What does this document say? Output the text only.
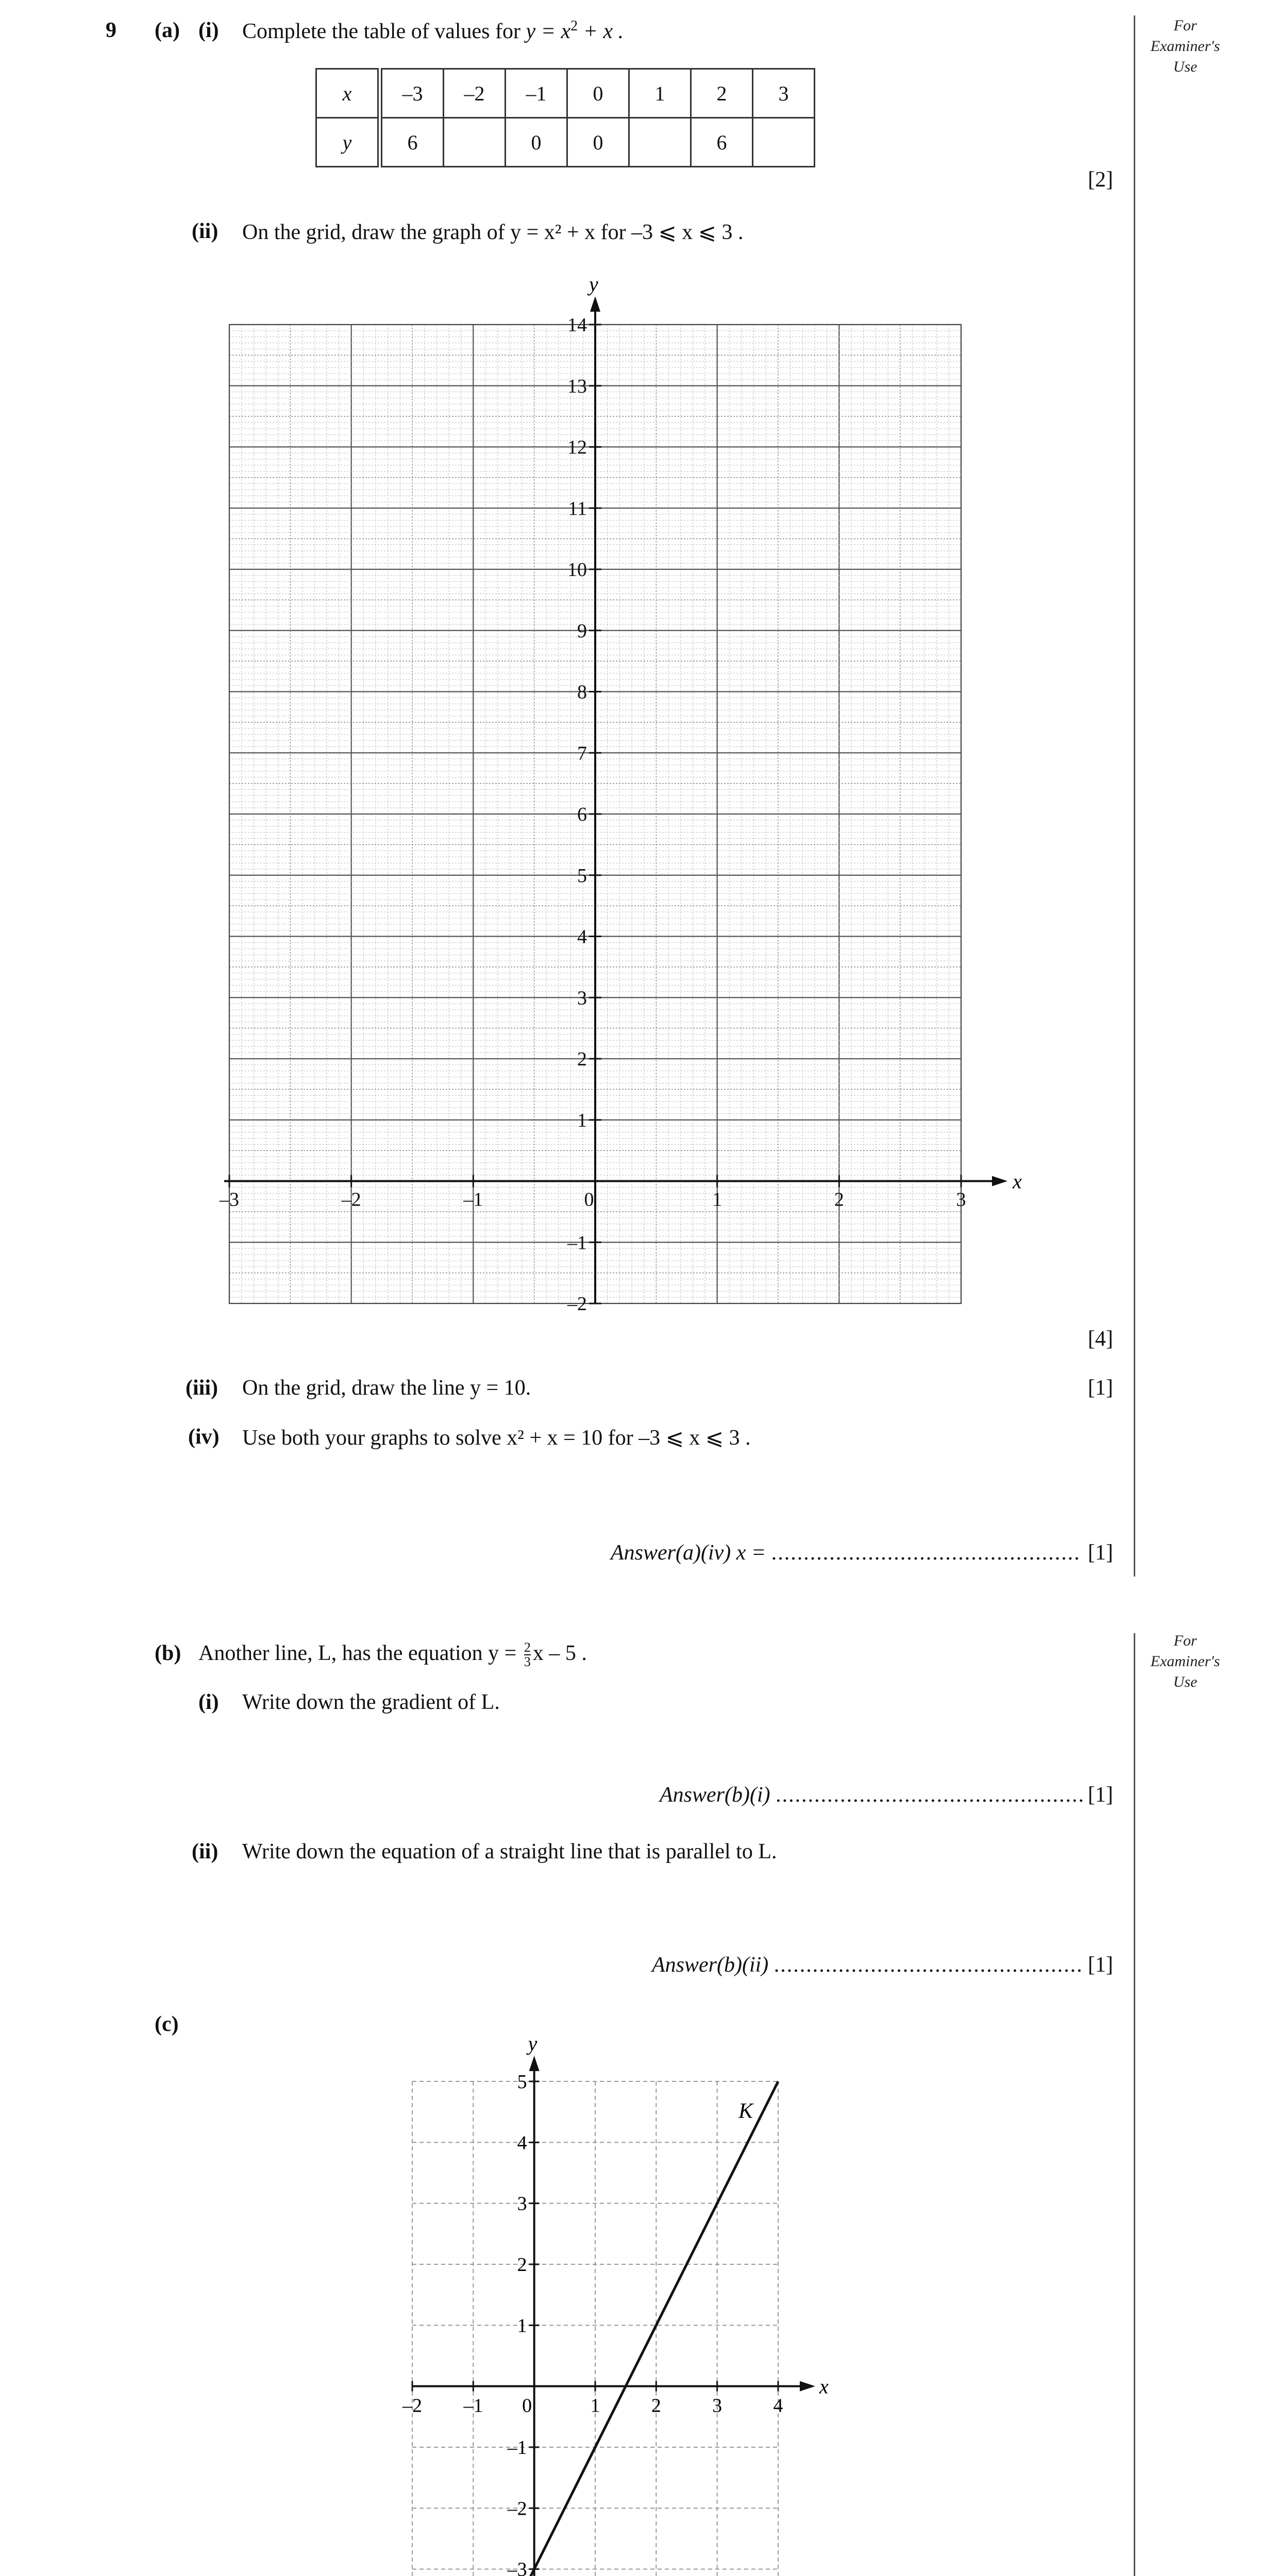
For
Examiner's
Use
For
Examiner's
Use
9 (a) (i) Complete the table of values for $y = x^2 + x$ .
x	–3	–2	–1	0	1	2	3
y	6		0	0		6	
[2]
(ii) On the grid, draw the graph of y = x² + x for –3 ⩽ x ⩽ 3 .
x
y
–3	–2	–1	0	1	2	3
–2
–1
1
2
3
4
5
6
7
8
9
10
11
12
13
14
[4]
(iii) On the grid, draw the line y = 10.	[1]
(iv) Use both your graphs to solve x² + x = 10 for –3 ⩽ x ⩽ 3 .
Answer(a)(iv) x = ................................................ [1]
(b) Another line, L, has the equation $y = \frac{2}{3}$ x – 5 .
(i) Write down the gradient of L.
Answer(b)(i) ................................................ [1]
(ii) Write down the equation of a straight line that is parallel to L.
Answer(b)(ii) ................................................ [1]
(c)
x
y
–2 –1 0	1	2	3	4
–3
–2
–1
1
2
3
4
5
K
